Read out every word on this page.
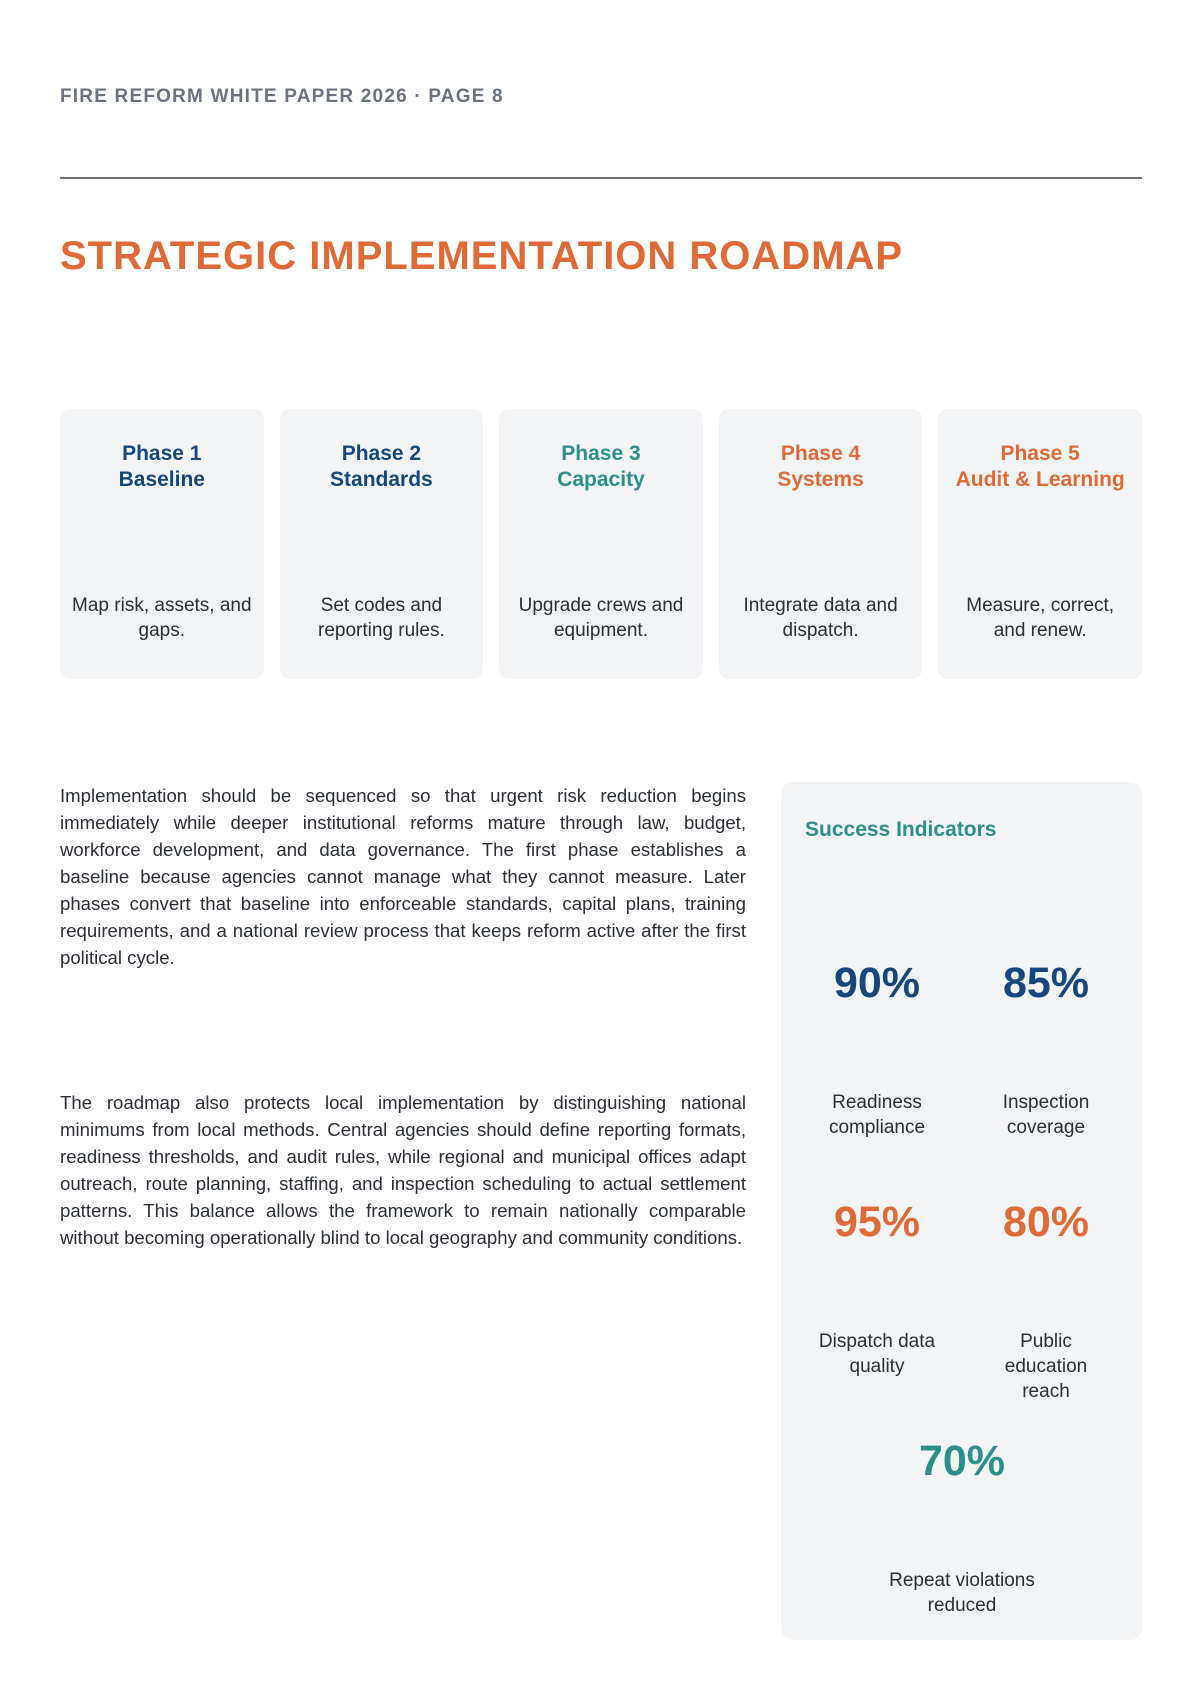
FIRE REFORM WHITE PAPER 2026 · PAGE 8
STRATEGIC IMPLEMENTATION ROADMAP
Phase 1
Baseline
Map risk, assets, and gaps.
Phase 2
Standards
Set codes and reporting rules.
Phase 3
Capacity
Upgrade crews and equipment.
Phase 4
Systems
Integrate data and dispatch.
Phase 5
Audit & Learning
Measure, correct, and renew.

Implementation should be sequenced so that urgent risk reduction begins immediately while deeper institutional reforms mature through law, budget, workforce development, and data governance. The first phase establishes a baseline because agencies cannot manage what they cannot measure. Later phases convert that baseline into enforceable standards, capital plans, training requirements, and a national review process that keeps reform active after the first political cycle.

The roadmap also protects local implementation by distinguishing national minimums from local methods. Central agencies should define reporting formats, readiness thresholds, and audit rules, while regional and municipal offices adapt outreach, route planning, staffing, and inspection scheduling to actual settlement patterns. This balance allows the framework to remain nationally comparable without becoming operationally blind to local geography and community conditions.

Success Indicators
90%
Readiness compliance
85%
Inspection coverage
95%
Dispatch data quality
80%
Public education reach
70%
Repeat violations reduced
